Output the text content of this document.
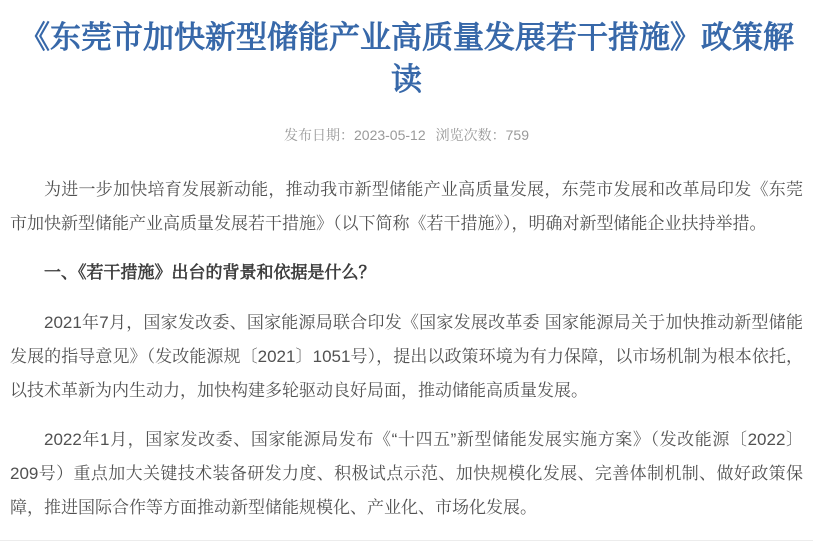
《东莞市加快新型储能产业高质量发展若干措施》政策解读
发布日期：2023-05-12 浏览次数：759

为进一步加快培育发展新动能，推动我市新型储能产业高质量发展，东莞市发展和改革局印发《东莞市加快新型储能产业高质量发展若干措施》（以下简称《若干措施》），明确对新型储能企业扶持举措。

一、《若干措施》出台的背景和依据是什么？

2021年7月，国家发改委、国家能源局联合印发《国家发展改革委 国家能源局关于加快推动新型储能发展的指导意见》（发改能源规〔2021〕1051号），提出以政策环境为有力保障，以市场机制为根本依托，以技术革新为内生动力，加快构建多轮驱动良好局面，推动储能高质量发展。

2022年1月，国家发改委、国家能源局发布《“十四五”新型储能发展实施方案》（发改能源〔2022〕209号）重点加大关键技术装备研发力度、积极试点示范、加快规模化发展、完善体制机制、做好政策保障，推进国际合作等方面推动新型储能规模化、产业化、市场化发展。
